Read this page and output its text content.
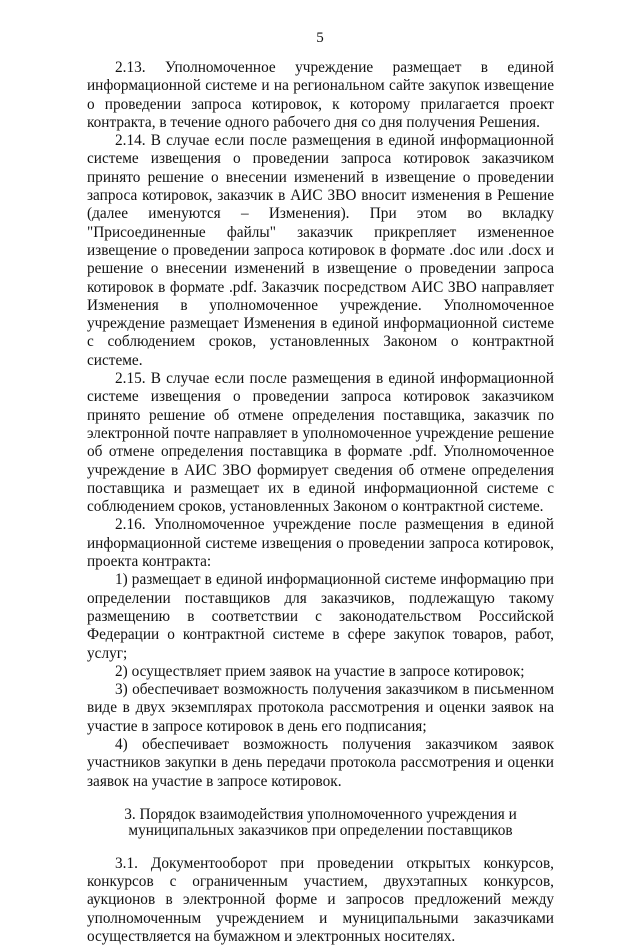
5

2.13. Уполномоченное учреждение размещает в единой информационной системе и на региональном сайте закупок извещение о проведении запроса котировок, к которому прилагается проект контракта, в течение одного рабочего дня со дня получения Решения.

2.14. В случае если после размещения в единой информационной системе извещения о проведении запроса котировок заказчиком принято решение о внесении изменений в извещение о проведении запроса котировок, заказчик в АИС ЗВО вносит изменения в Решение (далее именуются – Изменения). При этом во вкладку "Присоединенные файлы" заказчик прикрепляет измененное извещение о проведении запроса котировок в формате .doc или .docx и решение о внесении изменений в извещение о проведении запроса котировок в формате .pdf. Заказчик посредством АИС ЗВО направляет Изменения в уполномоченное учреждение. Уполномоченное учреждение размещает Изменения в единой информационной системе с соблюдением сроков, установленных Законом о контрактной системе.

2.15. В случае если после размещения в единой информационной системе извещения о проведении запроса котировок заказчиком принято решение об отмене определения поставщика, заказчик по электронной почте направляет в уполномоченное учреждение решение об отмене определения поставщика в формате .pdf. Уполномоченное учреждение в АИС ЗВО формирует сведения об отмене определения поставщика и размещает их в единой информационной системе с соблюдением сроков, установленных Законом о контрактной системе.

2.16. Уполномоченное учреждение после размещения в единой информационной системе извещения о проведении запроса котировок, проекта контракта:

1) размещает в единой информационной системе информацию при определении поставщиков для заказчиков, подлежащую такому размещению в соответствии с законодательством Российской Федерации о контрактной системе в сфере закупок товаров, работ, услуг;

2) осуществляет прием заявок на участие в запросе котировок;

3) обеспечивает возможность получения заказчиком в письменном виде в двух экземплярах протокола рассмотрения и оценки заявок на участие в запросе котировок в день его подписания;

4) обеспечивает возможность получения заказчиком заявок участников закупки в день передачи протокола рассмотрения и оценки заявок на участие в запросе котировок.

3. Порядок взаимодействия уполномоченного учреждения и муниципальных заказчиков при определении поставщиков

3.1. Документооборот при проведении открытых конкурсов, конкурсов с ограниченным участием, двухэтапных конкурсов, аукционов в электронной форме и запросов предложений между уполномоченным учреждением и муниципальными заказчиками осуществляется на бумажном и электронных носителях.
